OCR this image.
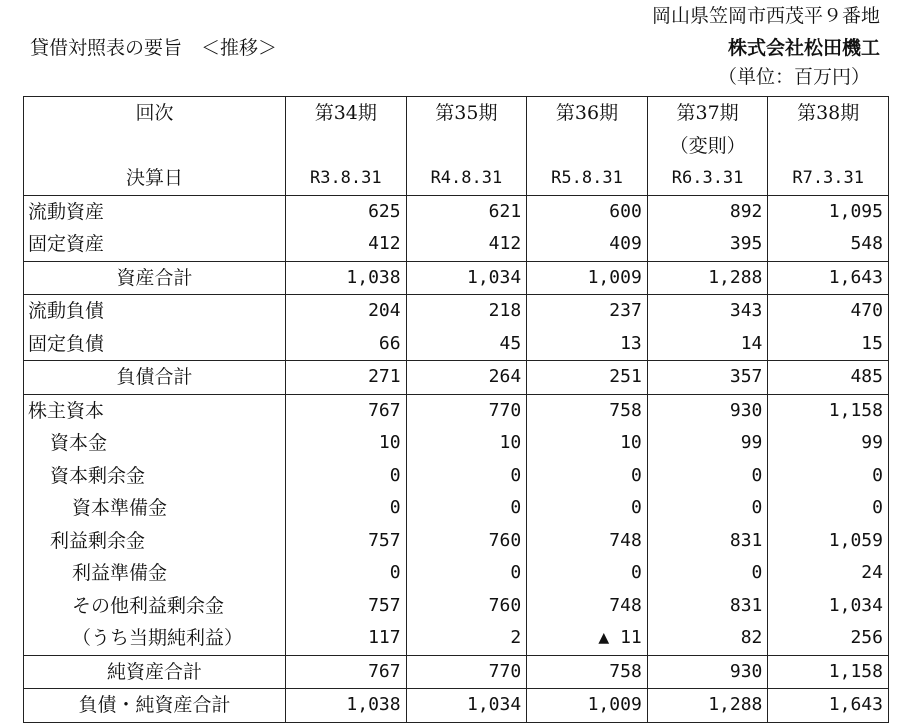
岡山県笠岡市西茂平９番地
貸借対照表の要旨　＜推移＞	株式会社松田機工
（単位：百万円）
回次	第34期	第35期	第36期	第37期	第38期
				（変則）	
決算日	R3.8.31	R4.8.31	R5.8.31	R6.3.31	R7.3.31
流動資産	625	621	600	892	1,095
固定資産	412	412	409	395	548
資産合計	1,038	1,034	1,009	1,288	1,643
流動負債	204	218	237	343	470
固定負債	66	45	13	14	15
負債合計	271	264	251	357	485
株主資本	767	770	758	930	1,158
資本金	10	10	10	99	99
資本剰余金	0	0	0	0	0
資本準備金	0	0	0	0	0
利益剰余金	757	760	748	831	1,059
利益準備金	0	0	0	0	24
その他利益剰余金	757	760	748	831	1,034
（うち当期純利益）	117	2	▲ 11	82	256
純資産合計	767	770	758	930	1,158
負債・純資産合計	1,038	1,034	1,009	1,288	1,643
